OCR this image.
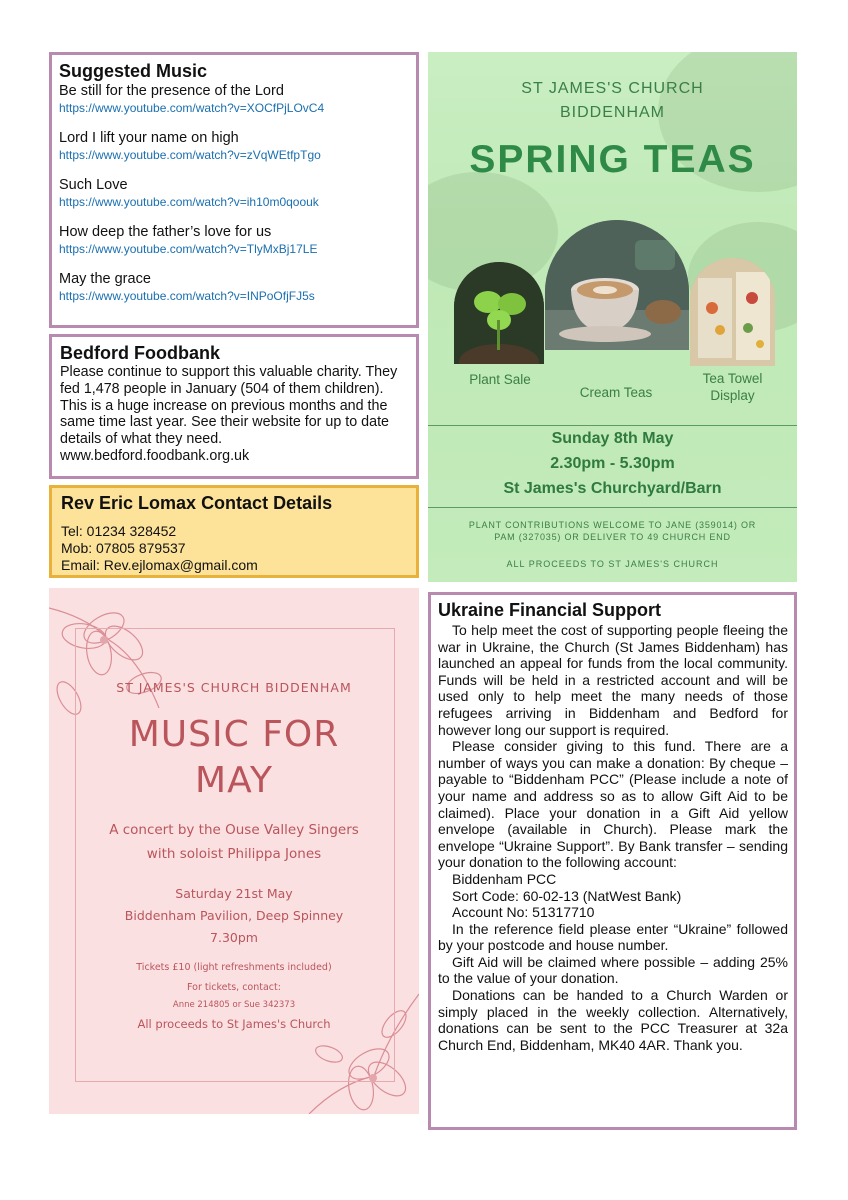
Suggested Music

Be still for the presence of the Lord

https://www.youtube.com/watch?v=XOCfPjLOvC4

Lord I lift your name on high

https://www.youtube.com/watch?v=zVqWEtfpTgo

Such Love

https://www.youtube.com/watch?v=ih10m0qoouk

How deep the father’s love for us

https://www.youtube.com/watch?v=TlyMxBj17LE

May the grace

https://www.youtube.com/watch?v=INPoOfjFJ5s

Bedford Foodbank

Please continue to support this valuable charity. They fed 1,478 people in January (504 of them children). This is a huge increase on previous months and the same time last year. See their website for up to date details of what they need. www.bedford.foodbank.org.uk

Rev Eric Lomax Contact Details

Tel: 01234 328452

Mob: 07805 879537

Email: Rev.ejlomax@gmail.com

ST JAMES'S CHURCH
BIDDENHAM
SPRING TEAS
Plant Sale
Cream Teas
Tea Towel
Display
Sunday 8th May
2.30pm - 5.30pm
St James's Churchyard/Barn
PLANT CONTRIBUTIONS WELCOME TO JANE (359014) OR
PAM (327035) OR DELIVER TO 49 CHURCH END
ALL PROCEEDS TO ST JAMES'S CHURCH
ST JAMES'S CHURCH BIDDENHAM
MUSIC FOR
MAY
A concert by the Ouse Valley Singers
with soloist Philippa Jones
Saturday 21st May
Biddenham Pavilion, Deep Spinney
7.30pm
Tickets £10 (light refreshments included)
For tickets, contact:
Anne 214805 or Sue 342373
All proceeds to St James's Church
Ukraine Financial Support

To help meet the cost of supporting people fleeing the war in Ukraine, the Church (St James Biddenham) has launched an appeal for funds from the local community. Funds will be held in a restricted account and will be used only to help meet the many needs of those refugees arriving in Biddenham and Bedford for however long our support is required.

Please consider giving to this fund. There are a number of ways you can make a donation: By cheque – payable to “Biddenham PCC” (Please include a note of your name and address so as to allow Gift Aid to be claimed). Place your donation in a Gift Aid yellow envelope (available in Church). Please mark the envelope “Ukraine Support”. By Bank transfer – sending your donation to the following account:

Biddenham PCC

Sort Code: 60-02-13 (NatWest Bank)

Account No: 51317710

In the reference field please enter “Ukraine” followed by your postcode and house number.

Gift Aid will be claimed where possible – adding 25% to the value of your donation.

Donations can be handed to a Church Warden or simply placed in the weekly collection. Alternatively, donations can be sent to the PCC Treasurer at 32a Church End, Biddenham, MK40 4AR. Thank you.
